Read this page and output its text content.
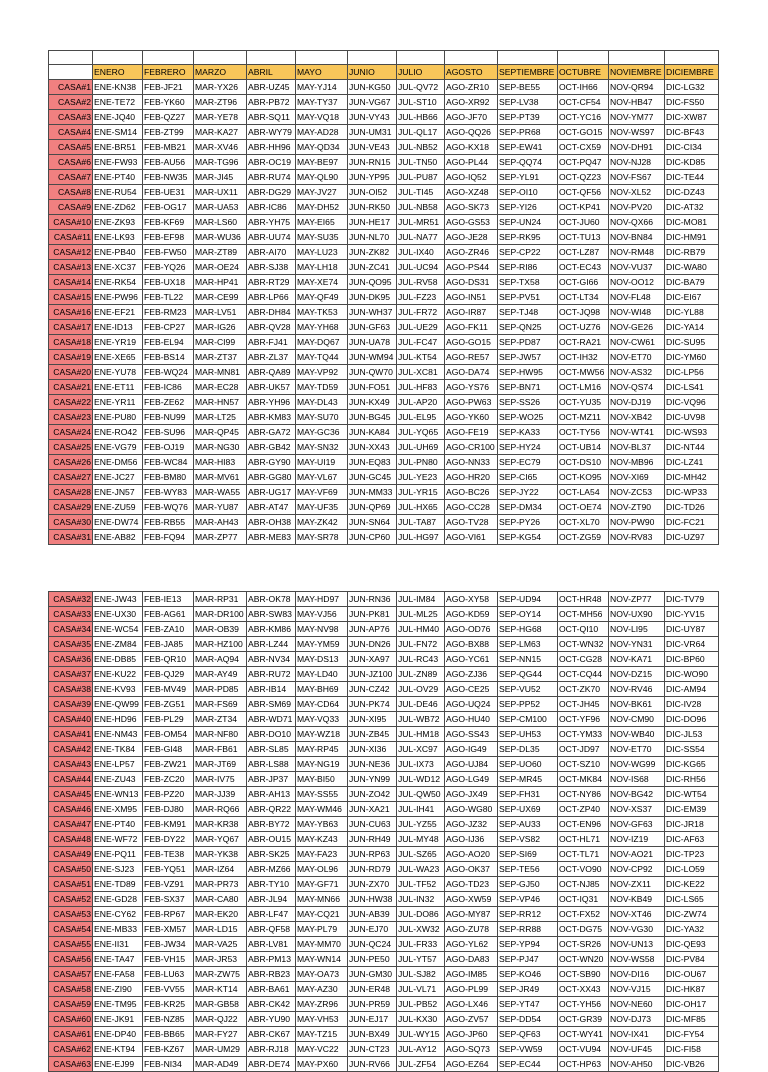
	ENERO	FEBRERO	MARZO	ABRIL	MAYO	JUNIO	JULIO	AGOSTO	SEPTIEMBRE	OCTUBRE	NOVIEMBRE	DICIEMBRE
CASA#1	ENE-KN38	FEB-JF21	MAR-YX26	ABR-UZ45	MAY-YJ14	JUN-KG50	JUL-QV72	AGO-ZR10	SEP-BE55	OCT-IH66	NOV-QR94	DIC-LG32
CASA#2	ENE-TE72	FEB-YK60	MAR-ZT96	ABR-PB72	MAY-TY37	JUN-VG67	JUL-ST10	AGO-XR92	SEP-LV38	OCT-CF54	NOV-HB47	DIC-FS50
CASA#3	ENE-JQ40	FEB-QZ27	MAR-YE78	ABR-SQ11	MAY-VQ18	JUN-VY43	JUL-HB66	AGO-JF70	SEP-PT39	OCT-YC16	NOV-YM77	DIC-XW87
CASA#4	ENE-SM14	FEB-ZT99	MAR-KA27	ABR-WY79	MAY-AD28	JUN-UM31	JUL-QL17	AGO-QQ26	SEP-PR68	OCT-GO15	NOV-WS97	DIC-BF43
CASA#5	ENE-BR51	FEB-MB21	MAR-XV46	ABR-HH96	MAY-QD34	JUN-VE43	JUL-NB52	AGO-KX18	SEP-EW41	OCT-CX59	NOV-DH91	DIC-CI34
CASA#6	ENE-FW93	FEB-AU56	MAR-TG96	ABR-OC19	MAY-BE97	JUN-RN15	JUL-TN50	AGO-PL44	SEP-QQ74	OCT-PQ47	NOV-NJ28	DIC-KD85
CASA#7	ENE-PT40	FEB-NW35	MAR-JI45	ABR-RU74	MAY-QL90	JUN-YP95	JUL-PU87	AGO-IQ52	SEP-YL91	OCT-QZ23	NOV-FS67	DIC-TE44
CASA#8	ENE-RU54	FEB-UE31	MAR-UX11	ABR-DG29	MAY-JV27	JUN-OI52	JUL-TI45	AGO-XZ48	SEP-OI10	OCT-QF56	NOV-XL52	DIC-DZ43
CASA#9	ENE-ZD62	FEB-OG17	MAR-UA53	ABR-IC86	MAY-DH52	JUN-RK50	JUL-NB58	AGO-SK73	SEP-YI26	OCT-KP41	NOV-PV20	DIC-AT32
CASA#10	ENE-ZK93	FEB-KF69	MAR-LS60	ABR-YH75	MAY-EI65	JUN-HE17	JUL-MR51	AGO-GS53	SEP-UN24	OCT-JU60	NOV-QX66	DIC-MO81
CASA#11	ENE-LK93	FEB-EF98	MAR-WU36	ABR-UU74	MAY-SU35	JUN-NL70	JUL-NA77	AGO-JE28	SEP-RK95	OCT-TU13	NOV-BN84	DIC-HM91
CASA#12	ENE-PB40	FEB-FW50	MAR-ZT89	ABR-AI70	MAY-LU23	JUN-ZK82	JUL-IX40	AGO-ZR46	SEP-CP22	OCT-LZ87	NOV-RM48	DIC-RB79
CASA#13	ENE-XC37	FEB-YQ26	MAR-OE24	ABR-SJ38	MAY-LH18	JUN-ZC41	JUL-UC94	AGO-PS44	SEP-RI86	OCT-EC43	NOV-VU37	DIC-WA80
CASA#14	ENE-RK54	FEB-UX18	MAR-HP41	ABR-RT29	MAY-XE74	JUN-QO95	JUL-RV58	AGO-DS31	SEP-TX58	OCT-GI66	NOV-OO12	DIC-BA79
CASA#15	ENE-PW96	FEB-TL22	MAR-CE99	ABR-LP66	MAY-QF49	JUN-DK95	JUL-FZ23	AGO-IN51	SEP-PV51	OCT-LT34	NOV-FL48	DIC-EI67
CASA#16	ENE-EF21	FEB-RM23	MAR-LV51	ABR-DH84	MAY-TK53	JUN-WH37	JUL-FR72	AGO-IR87	SEP-TJ48	OCT-JQ98	NOV-WI48	DIC-YL88
CASA#17	ENE-ID13	FEB-CP27	MAR-IG26	ABR-QV28	MAY-YH68	JUN-GF63	JUL-UE29	AGO-FK11	SEP-QN25	OCT-UZ76	NOV-GE26	DIC-YA14
CASA#18	ENE-YR19	FEB-EL94	MAR-CI99	ABR-FJ41	MAY-DQ67	JUN-UA78	JUL-FC47	AGO-GO15	SEP-PD87	OCT-RA21	NOV-CW61	DIC-SU95
CASA#19	ENE-XE65	FEB-BS14	MAR-ZT37	ABR-ZL37	MAY-TQ44	JUN-WM94	JUL-KT54	AGO-RE57	SEP-JW57	OCT-IH32	NOV-ET70	DIC-YM60
CASA#20	ENE-YU78	FEB-WQ24	MAR-MN81	ABR-QA89	MAY-VP92	JUN-QW70	JUL-XC81	AGO-DA74	SEP-HW95	OCT-MW56	NOV-AS32	DIC-LP56
CASA#21	ENE-ET11	FEB-IC86	MAR-EC28	ABR-UK57	MAY-TD59	JUN-FO51	JUL-HF83	AGO-YS76	SEP-BN71	OCT-LM16	NOV-QS74	DIC-LS41
CASA#22	ENE-YR11	FEB-ZE62	MAR-HN57	ABR-YH96	MAY-DL43	JUN-KX49	JUL-AP20	AGO-PW63	SEP-SS26	OCT-YU35	NOV-DJ19	DIC-VQ96
CASA#23	ENE-PU80	FEB-NU99	MAR-LT25	ABR-KM83	MAY-SU70	JUN-BG45	JUL-EL95	AGO-YK60	SEP-WO25	OCT-MZ11	NOV-XB42	DIC-UV98
CASA#24	ENE-RO42	FEB-SU96	MAR-QP45	ABR-GA72	MAY-GC36	JUN-KA84	JUL-YQ65	AGO-FE19	SEP-KA33	OCT-TY56	NOV-WT41	DIC-WS93
CASA#25	ENE-VG79	FEB-OJ19	MAR-NG30	ABR-GB42	MAY-SN32	JUN-XX43	JUL-UH69	AGO-CR100	SEP-HY24	OCT-UB14	NOV-BL37	DIC-NT44
CASA#26	ENE-DM56	FEB-WC84	MAR-HI83	ABR-GY90	MAY-UI19	JUN-EQ83	JUL-PN80	AGO-NN33	SEP-EC79	OCT-DS10	NOV-MB96	DIC-LZ41
CASA#27	ENE-JC27	FEB-BM80	MAR-MV61	ABR-GG80	MAY-VL67	JUN-GC45	JUL-YE23	AGO-HR20	SEP-CI65	OCT-KO95	NOV-XI69	DIC-MH42
CASA#28	ENE-JN57	FEB-WY83	MAR-WA55	ABR-UG17	MAY-VF69	JUN-MM33	JUL-YR15	AGO-BC26	SEP-JY22	OCT-LA54	NOV-ZC53	DIC-WP33
CASA#29	ENE-ZU59	FEB-WQ76	MAR-YU87	ABR-AT47	MAY-UF35	JUN-QP69	JUL-HX65	AGO-CC28	SEP-DM34	OCT-OE74	NOV-ZT90	DIC-TD26
CASA#30	ENE-DW74	FEB-RB55	MAR-AH43	ABR-OH38	MAY-ZK42	JUN-SN64	JUL-TA87	AGO-TV28	SEP-PY26	OCT-XL70	NOV-PW90	DIC-FC21
CASA#31	ENE-AB82	FEB-FQ94	MAR-ZP77	ABR-ME83	MAY-SR78	JUN-CP60	JUL-HG97	AGO-VI61	SEP-KG54	OCT-ZG59	NOV-RV83	DIC-UZ97
CASA#32	ENE-JW43	FEB-IE13	MAR-RP31	ABR-OK78	MAY-HD97	JUN-RN36	JUL-IM84	AGO-XY58	SEP-UD94	OCT-HR48	NOV-ZP77	DIC-TV79
CASA#33	ENE-UX30	FEB-AG61	MAR-DR100	ABR-SW83	MAY-VJ56	JUN-PK81	JUL-ML25	AGO-KD59	SEP-OY14	OCT-MH56	NOV-UX90	DIC-YV15
CASA#34	ENE-WC54	FEB-ZA10	MAR-OB39	ABR-KM86	MAY-NV98	JUN-AP76	JUL-HM40	AGO-OD76	SEP-HG68	OCT-QI10	NOV-LI95	DIC-UY87
CASA#35	ENE-ZM84	FEB-JA85	MAR-HZ100	ABR-LZ44	MAY-YM59	JUN-DN26	JUL-FN72	AGO-BX88	SEP-LM63	OCT-WN32	NOV-YN31	DIC-VR64
CASA#36	ENE-DB85	FEB-QR10	MAR-AQ94	ABR-NV34	MAY-DS13	JUN-XA97	JUL-RC43	AGO-YC61	SEP-NN15	OCT-CG28	NOV-KA71	DIC-BP60
CASA#37	ENE-KU22	FEB-QJ29	MAR-AY49	ABR-RU72	MAY-LD40	JUN-JZ100	JUL-ZN89	AGO-ZJ36	SEP-QG44	OCT-CQ44	NOV-DZ15	DIC-WO90
CASA#38	ENE-KV93	FEB-MV49	MAR-PD85	ABR-IB14	MAY-BH69	JUN-CZ42	JUL-OV29	AGO-CE25	SEP-VU52	OCT-ZK70	NOV-RV46	DIC-AM94
CASA#39	ENE-QW99	FEB-ZG51	MAR-FS69	ABR-SM69	MAY-CD64	JUN-PK74	JUL-DE46	AGO-UQ24	SEP-PP52	OCT-JH45	NOV-BK61	DIC-IV28
CASA#40	ENE-HD96	FEB-PL29	MAR-ZT34	ABR-WD71	MAY-VQ33	JUN-XI95	JUL-WB72	AGO-HU40	SEP-CM100	OCT-YF96	NOV-CM90	DIC-DO96
CASA#41	ENE-NM43	FEB-OM54	MAR-NF80	ABR-DO10	MAY-WZ18	JUN-ZB45	JUL-HM18	AGO-SS43	SEP-UH53	OCT-YM33	NOV-WB40	DIC-JL53
CASA#42	ENE-TK84	FEB-GI48	MAR-FB61	ABR-SL85	MAY-RP45	JUN-XI36	JUL-XC97	AGO-IG49	SEP-DL35	OCT-JD97	NOV-ET70	DIC-SS54
CASA#43	ENE-LP57	FEB-ZW21	MAR-JT69	ABR-LS88	MAY-NG19	JUN-NE36	JUL-IX73	AGO-UJ84	SEP-UO60	OCT-SZ10	NOV-WG99	DIC-KG65
CASA#44	ENE-ZU43	FEB-ZC20	MAR-IV75	ABR-JP37	MAY-BI50	JUN-YN99	JUL-WD12	AGO-LG49	SEP-MR45	OCT-MK84	NOV-IS68	DIC-RH56
CASA#45	ENE-WN13	FEB-PZ20	MAR-JJ39	ABR-AH13	MAY-SS55	JUN-ZO42	JUL-QW50	AGO-JX49	SEP-FH31	OCT-NY86	NOV-BG42	DIC-WT54
CASA#46	ENE-XM95	FEB-DJ80	MAR-RQ66	ABR-QR22	MAY-WM46	JUN-XA21	JUL-IH41	AGO-WG80	SEP-UX69	OCT-ZP40	NOV-XS37	DIC-EM39
CASA#47	ENE-PT40	FEB-KM91	MAR-KR38	ABR-BY72	MAY-YB63	JUN-CU63	JUL-YZ55	AGO-JZ32	SEP-AU33	OCT-EN96	NOV-GF63	DIC-JR18
CASA#48	ENE-WF72	FEB-DY22	MAR-YQ67	ABR-OU15	MAY-KZ43	JUN-RH49	JUL-MY48	AGO-IJ36	SEP-VS82	OCT-HL71	NOV-IZ19	DIC-AF63
CASA#49	ENE-PQ11	FEB-TE38	MAR-YK38	ABR-SK25	MAY-FA23	JUN-RP63	JUL-SZ65	AGO-AO20	SEP-SI69	OCT-TL71	NOV-AO21	DIC-TP23
CASA#50	ENE-SJ23	FEB-YQ51	MAR-IZ64	ABR-MZ66	MAY-OL96	JUN-RD79	JUL-WA23	AGO-OK37	SEP-TE56	OCT-VO90	NOV-CP92	DIC-LO59
CASA#51	ENE-TD89	FEB-VZ91	MAR-PR73	ABR-TY10	MAY-GF71	JUN-ZX70	JUL-TF52	AGO-TD23	SEP-GJ50	OCT-NJ85	NOV-ZX11	DIC-KE22
CASA#52	ENE-GD28	FEB-SX37	MAR-CA80	ABR-JL94	MAY-MN66	JUN-HW38	JUL-IN32	AGO-XW59	SEP-VP46	OCT-IQ31	NOV-KB49	DIC-LS65
CASA#53	ENE-CY62	FEB-RP67	MAR-EK20	ABR-LF47	MAY-CQ21	JUN-AB39	JUL-DO86	AGO-MY87	SEP-RR12	OCT-FX52	NOV-XT46	DIC-ZW74
CASA#54	ENE-MB33	FEB-XM57	MAR-LD15	ABR-QF58	MAY-PL79	JUN-EJ70	JUL-XW32	AGO-ZU78	SEP-RR88	OCT-DG75	NOV-VG30	DIC-YA32
CASA#55	ENE-II31	FEB-JW34	MAR-VA25	ABR-LV81	MAY-MM70	JUN-QC24	JUL-FR33	AGO-YL62	SEP-YP94	OCT-SR26	NOV-UN13	DIC-QE93
CASA#56	ENE-TA47	FEB-VH15	MAR-JR53	ABR-PM13	MAY-WN14	JUN-PE50	JUL-YT57	AGO-DA83	SEP-PJ47	OCT-WN20	NOV-WS58	DIC-PV84
CASA#57	ENE-FA58	FEB-LU63	MAR-ZW75	ABR-RB23	MAY-OA73	JUN-GM30	JUL-SJ82	AGO-IM85	SEP-KO46	OCT-SB90	NOV-DI16	DIC-OU67
CASA#58	ENE-ZI90	FEB-VV55	MAR-KT14	ABR-BA61	MAY-AZ30	JUN-ER48	JUL-VL71	AGO-PL99	SEP-JR49	OCT-XX43	NOV-VJ15	DIC-HK87
CASA#59	ENE-TM95	FEB-KR25	MAR-GB58	ABR-CK42	MAY-ZR96	JUN-PR59	JUL-PB52	AGO-LX46	SEP-YT47	OCT-YH56	NOV-NE60	DIC-OH17
CASA#60	ENE-JK91	FEB-NZ85	MAR-QJ22	ABR-YU90	MAY-VH53	JUN-EJ17	JUL-KX30	AGO-ZV57	SEP-DD54	OCT-GR39	NOV-DJ73	DIC-MF85
CASA#61	ENE-DP40	FEB-BB65	MAR-FY27	ABR-CK67	MAY-TZ15	JUN-BX49	JUL-WY15	AGO-JP60	SEP-QF63	OCT-WY41	NOV-IX41	DIC-FY54
CASA#62	ENE-KT94	FEB-KZ67	MAR-UM29	ABR-RJ18	MAY-VC22	JUN-CT23	JUL-AY12	AGO-SQ73	SEP-VW59	OCT-VU94	NOV-UF45	DIC-FI58
CASA#63	ENE-EJ99	FEB-NI34	MAR-AD49	ABR-DE74	MAY-PX60	JUN-RV66	JUL-ZF54	AGO-EZ64	SEP-EC44	OCT-HP63	NOV-AH50	DIC-VB26
